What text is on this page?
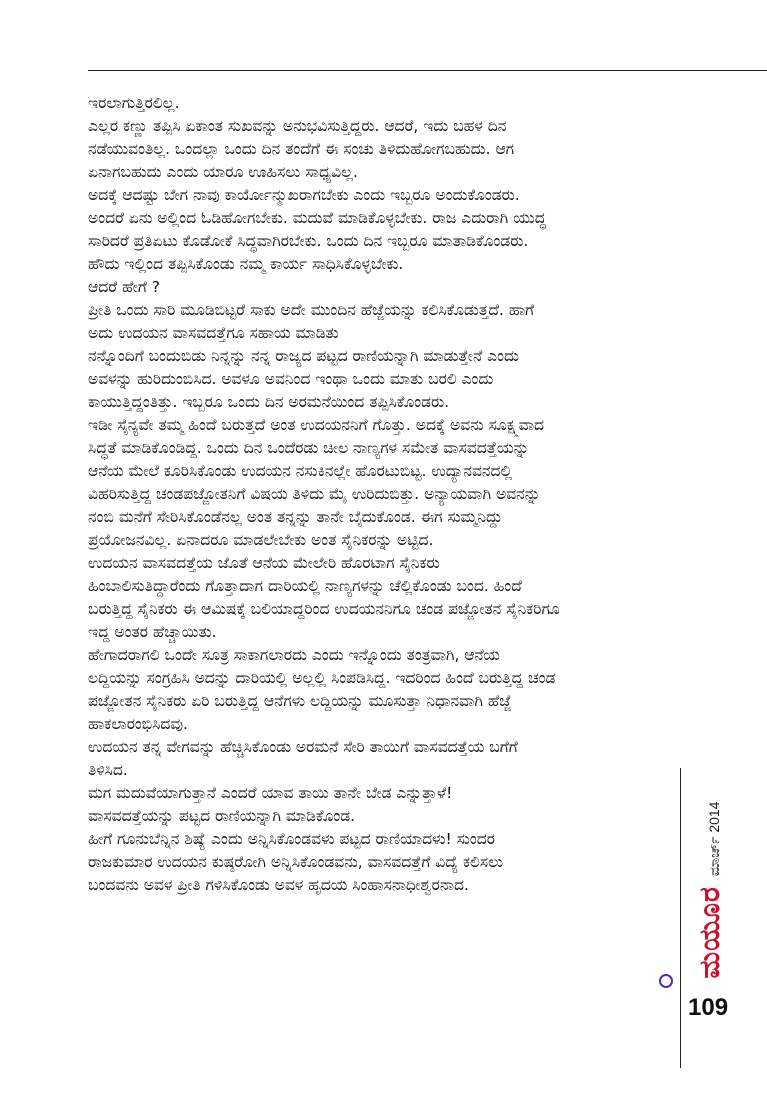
ಇರಲಾಗುತ್ತಿರಲಿಲ್ಲ.
ಎಲ್ಲರ ಕಣ್ಣು ತಪ್ಪಿಸಿ ಏಕಾಂತ ಸುಖವನ್ನು ಅನುಭವಿಸುತ್ತಿದ್ದರು. ಆದರೆ, ಇದು ಬಹಳ ದಿನ
ನಡೆಯುವಂತಿಲ್ಲ. ಒಂದಲ್ಲಾ ಒಂದು ದಿನ ತಂದೆಗೆ ಈ ಸಂಚು ತಿಳಿದುಹೋಗಬಹುದು. ಆಗ
ಏನಾಗಬಹುದು ಎಂದು ಯಾರೂ ಊಹಿಸಲು ಸಾಧ್ಯವಿಲ್ಲ.
ಅದಕ್ಕೆ ಆದಷ್ಟು ಬೇಗ ನಾವು ಕಾರ್ಯೋನ್ಮುಖರಾಗಬೇಕು ಎಂದು ಇಬ್ಬರೂ ಅಂದುಕೊಂಡರು.
ಅಂದರೆ ಏನು ಅಲ್ಲಿಂದ ಓಡಿಹೋಗಬೇಕು. ಮದುವೆ ಮಾಡಿಕೊಳ್ಳಬೇಕು. ರಾಜ ಎದುರಾಗಿ ಯುದ್ಧ
ಸಾರಿದರೆ ಪ್ರತಿಏಟು ಕೊಡೋಕೆ ಸಿದ್ಧವಾಗಿರಬೇಕು. ಒಂದು ದಿನ ಇಬ್ಬರೂ ಮಾತಾಡಿಕೊಂಡರು.
ಹೌದು ಇಲ್ಲಿಂದ ತಪ್ಪಿಸಿಕೊಂಡು ನಮ್ಮ ಕಾರ್ಯ ಸಾಧಿಸಿಕೊಳ್ಳಬೇಕು.
ಆದರೆ ಹೇಗೆ ?
ಪ್ರೀತಿ ಒಂದು ಸಾರಿ ಮೂಡಿಬಿಟ್ಟರೆ ಸಾಕು ಅದೇ ಮುಂದಿನ ಹೆಜ್ಜೆಯನ್ನು ಕಲಿಸಿಕೊಡುತ್ತದೆ. ಹಾಗೆ
ಅದು ಉದಯನ ವಾಸವದತ್ತೆಗೂ ಸಹಾಯ ಮಾಡಿತು
ನನ್ನೊಂದಿಗೆ ಬಂದುಬಿಡು ನಿನ್ನನ್ನು ನನ್ನ ರಾಜ್ಯದ ಪಟ್ಟದ ರಾಣಿಯನ್ನಾಗಿ ಮಾಡುತ್ತೇನೆ ಎಂದು
ಅವಳನ್ನು ಹುರಿದುಂಬಿಸಿದ. ಅವಳೂ ಅವನಿಂದ ಇಂಥಾ ಒಂದು ಮಾತು ಬರಲಿ ಎಂದು
ಕಾಯುತ್ತಿದ್ದಂತಿತ್ತು. ಇಬ್ಬರೂ ಒಂದು ದಿನ ಅರಮನೆಯಿಂದ ತಪ್ಪಿಸಿಕೊಂಡರು.
ಇಡೀ ಸೈನ್ಯವೇ ತಮ್ಮ ಹಿಂದೆ ಬರುತ್ತದೆ ಅಂತ ಉದಯನನಿಗೆ ಗೊತ್ತು. ಅದಕ್ಕೆ ಅವನು ಸೂಕ್ಷ್ಮವಾದ
ಸಿದ್ಧತೆ ಮಾಡಿಕೊಂಡಿದ್ದ. ಒಂದು ದಿನ ಒಂದೆರಡು ಚೀಲ ನಾಣ್ಯಗಳ ಸಮೇತ ವಾಸವದತ್ತೆಯನ್ನು
ಆನೆಯ ಮೇಲೆ ಕೂರಿಸಿಕೊಂಡು ಉದಯನ ನಸುಕಿನಲ್ಲೇ ಹೊರಟುಬಿಟ್ಟ. ಉದ್ಯಾನವನದಲ್ಲಿ
ವಿಹರಿಸುತ್ತಿದ್ದ ಚಂಡಪಜ್ಜೋತನಿಗೆ ವಿಷಯ ತಿಳಿದು ಮೈ ಉರಿದುಬಿತ್ತು. ಅನ್ಯಾಯವಾಗಿ ಅವನನ್ನು
ನಂಬಿ ಮನೆಗೆ ಸೇರಿಸಿಕೊಂಡೆನಲ್ಲ ಅಂತ ತನ್ನನ್ನು ತಾನೇ ಬೈದುಕೊಂಡ. ಈಗ ಸುಮ್ಮನಿದ್ದು
ಪ್ರಯೋಜನವಿಲ್ಲ. ಏನಾದರೂ ಮಾಡಲೇಬೇಕು ಅಂತ ಸೈನಿಕರನ್ನು ಅಟ್ಟಿದ.
ಉದಯನ ವಾಸವದತ್ತೆಯ ಜೊತೆ ಆನೆಯ ಮೇಲೇರಿ ಹೊರಟಾಗ ಸೈನಿಕರು
ಹಿಂಬಾಲಿಸುತಿದ್ದಾರೆಂದು ಗೊತ್ತಾದಾಗ ದಾರಿಯಲ್ಲಿ ನಾಣ್ಯಗಳನ್ನು ಚೆಲ್ಲಿಕೊಂಡು ಬಂದ. ಹಿಂದೆ
ಬರುತ್ತಿದ್ದ ಸೈನಿಕರು ಈ ಆಮಿಷಕ್ಕೆ ಬಲಿಯಾದ್ದರಿಂದ ಉದಯನನಿಗೂ ಚಂಡ ಪಜ್ಜೋತನ ಸೈನಿಕರಿಗೂ
ಇದ್ದ ಅಂತರ ಹೆಚ್ಚಾಯಿತು.
ಹೇಗಾದರಾಗಲಿ ಒಂದೇ ಸೂತ್ರ ಸಾಕಾಗಲಾರದು ಎಂದು ಇನ್ನೊಂದು ತಂತ್ರವಾಗಿ, ಆನೆಯ
ಲದ್ದಿಯನ್ನು ಸಂಗ್ರಹಿಸಿ ಅದನ್ನು ದಾರಿಯಲ್ಲಿ ಅಲ್ಲಲ್ಲಿ ಸಿಂಪಡಿಸಿದ್ದ. ಇದರಿಂದ ಹಿಂದೆ ಬರುತ್ತಿದ್ದ ಚಂಡ
ಪಜ್ಜೋತನ ಸೈನಿಕರು ಏರಿ ಬರುತ್ತಿದ್ದ ಆನೆಗಳು ಲದ್ದಿಯನ್ನು ಮೂಸುತ್ತಾ ನಿಧಾನವಾಗಿ ಹೆಜ್ಜೆ
ಹಾಕಲಾರಂಭಿಸಿದವು.
ಉದಯನ ತನ್ನ ವೇಗವನ್ನು ಹೆಚ್ಚಿಸಿಕೊಂಡು ಅರಮನೆ ಸೇರಿ ತಾಯಿಗೆ ವಾಸವದತ್ತೆಯ ಬಗೆಗೆ
ತಿಳಿಸಿದ.
ಮಗ ಮದುವೆಯಾಗುತ್ತಾನೆ ಎಂದರೆ ಯಾವ ತಾಯಿ ತಾನೇ ಬೇಡ ಎನ್ನುತ್ತಾಳೆ!
ವಾಸವದತ್ತೆಯನ್ನು ಪಟ್ಟದ ರಾಣಿಯನ್ನಾಗಿ ಮಾಡಿಕೊಂಡ.
ಹೀಗೆ ಗೂನುಬೆನ್ನಿನ ಶಿಷ್ಯೆ ಎಂದು ಅನ್ನಿಸಿಕೊಂಡವಳು ಪಟ್ಟದ ರಾಣಿಯಾದಳು! ಸುಂದರ
ರಾಜಕುಮಾರ ಉದಯನ ಕುಷ್ಠರೋಗಿ ಅನ್ನಿಸಿಕೊಂಡವನು, ವಾಸವದತ್ತೆಗೆ ವಿದ್ಯೆ ಕಲಿಸಲು
ಬಂದವನು ಅವಳ ಪ್ರೀತಿ ಗಳಿಸಿಕೊಂಡು ಅವಳ ಹೃದಯ ಸಿಂಹಾಸನಾಧೀಶ್ವರನಾದ.
ಮಯೂರ
ಮಾರ್ಚ್ 2014
109
